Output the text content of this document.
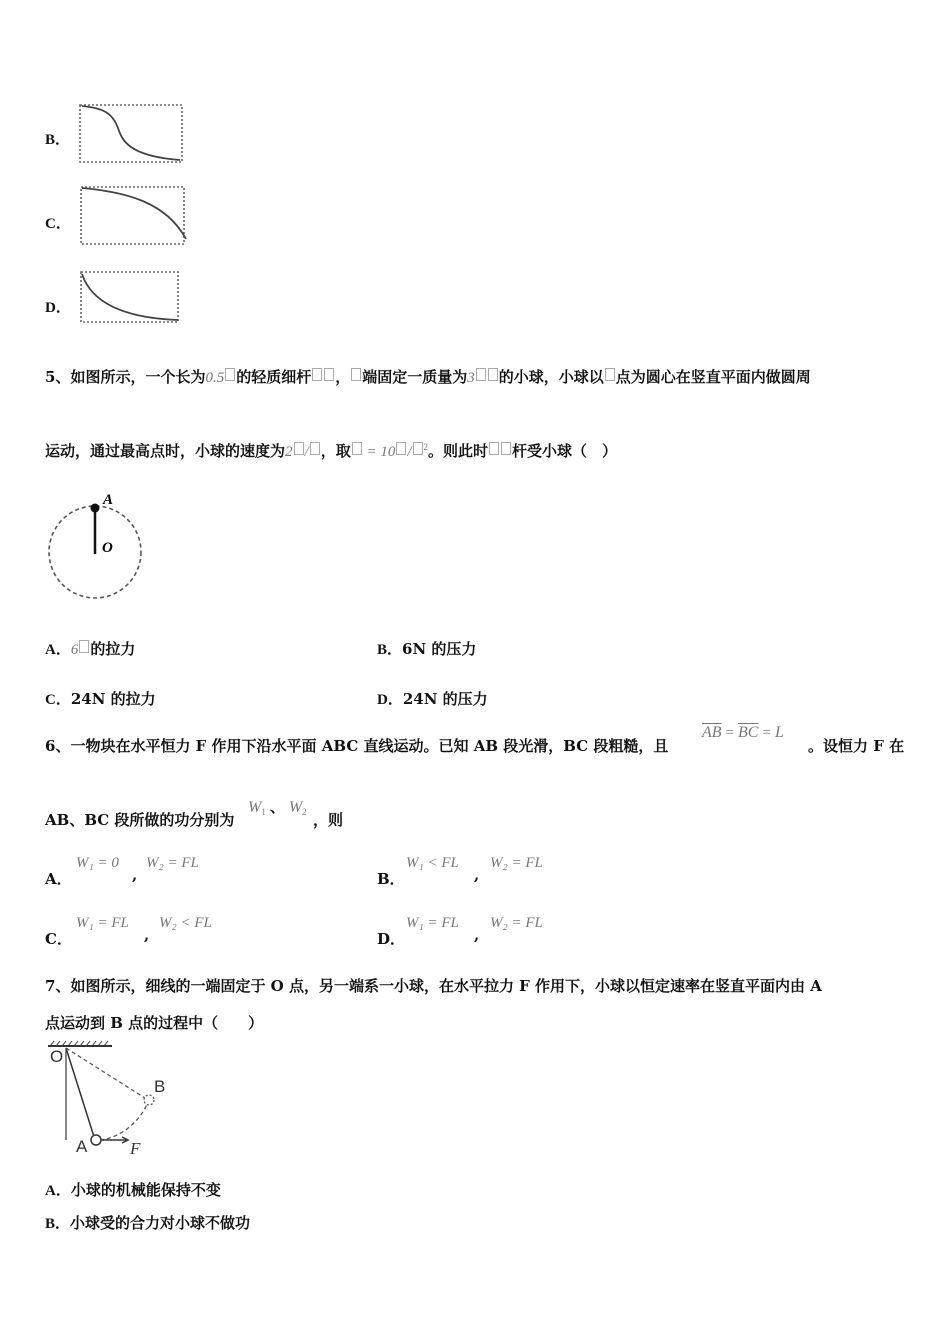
B．
C．
D．
5、如图所示，一个长为0.5 的轻质细杆 ， 端固定一质量为3 的小球，小球以 点为圆心在竖直平面内做圆周
运动，通过最高点时，小球的速度为2 / ，取 = 10 / $^2$。则此时 杆受小球（　）
A
O
A．6 的拉力	B．6N 的压力
C．24N 的拉力	D．24N 的压力
6、一物块在水平恒力 F 作用下沿水平面 ABC 直线运动。已知 AB 段光滑，BC 段粗糙，且
$\overline{AB} = \overline{BC} = L$
。设恒力 F 在
AB、BC 段所做的功分别为
$W_1$ 、 $W_2$ ，则
A．
W₁ = 0
,
W₂ = FL
B．
W₁ < FL
,
W₂ = FL
C．
W₁ = FL
,
W₂ < FL
D．
W₁ = FL
,
W₂ = FL
7、如图所示，细线的一端固定于 O 点，另一端系一小球，在水平拉力 F 作用下，小球以恒定速率在竖直平面内由 A
点运动到 B 点的过程中（　　）
O
A
B
F
A．小球的机械能保持不变
B．小球受的合力对小球不做功
